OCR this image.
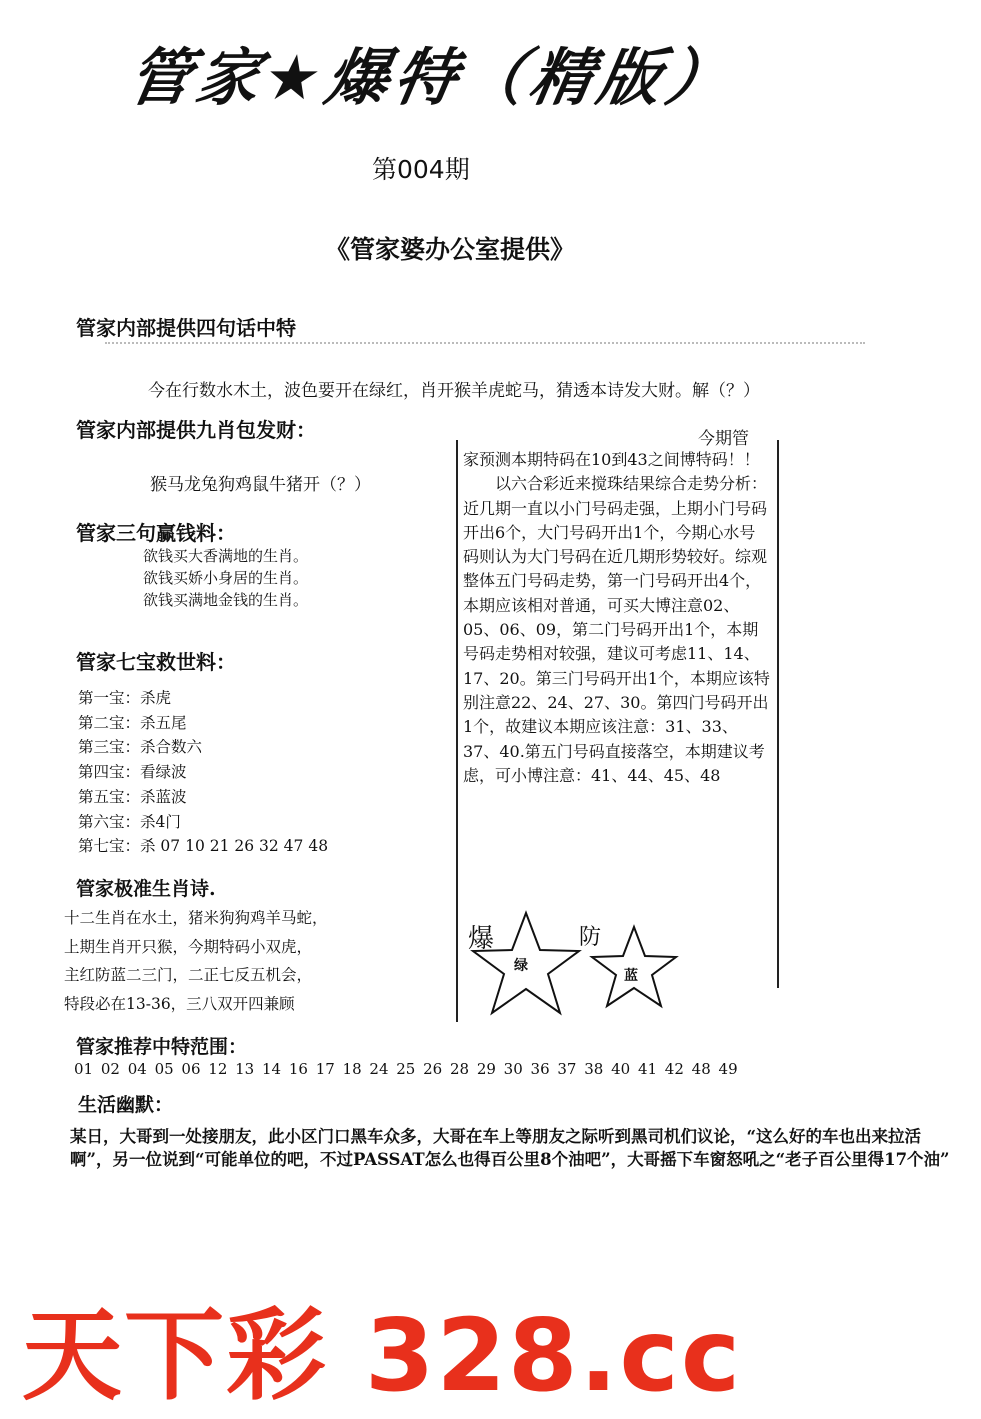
管家★爆特（精版）
第004期
《管家婆办公室提供》
管家内部提供四句话中特
今在行数水木土，波色要开在绿红，肖开猴羊虎蛇马，猜透本诗发大财。解（？）
管家内部提供九肖包发财：
猴马龙兔狗鸡鼠牛猪开（？）
管家三句赢钱料：
欲钱买大香满地的生肖。
欲钱买娇小身居的生肖。
欲钱买满地金钱的生肖。
管家七宝救世料：
第一宝：杀虎
第二宝：杀五尾
第三宝：杀合数六
第四宝：看绿波
第五宝：杀蓝波
第六宝：杀4门
第七宝：杀 07 10 21 26 32 47 48
管家极准生肖诗.
十二生肖在水土，猪米狗狗鸡羊马蛇，
上期生肖开只猴，今期特码小双虎，
主红防蓝二三门，二正七反五机会，
特段必在13-36，三八双开四兼顾
今期管

家预测本期特码在10到43之间博特码！！

以六合彩近来搅珠结果综合走势分析：近几期一直以小门号码走强，上期小门号码开出6个，大门号码开出1个，今期心水号码则认为大门号码在近几期形势较好。综观整体五门号码走势，第一门号码开出4个，本期应该相对普通，可买大博注意02、05、06、09，第二门号码开出1个，本期号码走势相对较强，建议可考虑11、14、17、20。第三门号码开出1个，本期应该特别注意22、24、27、30。第四门号码开出1个，故建议本期应该注意：31、33、37、40.第五门号码直接落空，本期建议考虑，可小博注意：41、44、45、48

爆
绿
防
蓝
管家推荐中特范围：
01 02 04 05 06 12 13 14 16 17 18 24 25 26 28 29 30 36 37 38 40 41 42 48 49
生活幽默：
某日，大哥到一处接朋友，此小区门口黑车众多，大哥在车上等朋友之际听到黑司机们议论，“这么好的车也出来拉活啊”，另一位说到“可能单位的吧，不过PASSAT怎么也得百公里8个油吧”，大哥摇下车窗怒吼之“老子百公里得17个油”
天下彩 328.cc
